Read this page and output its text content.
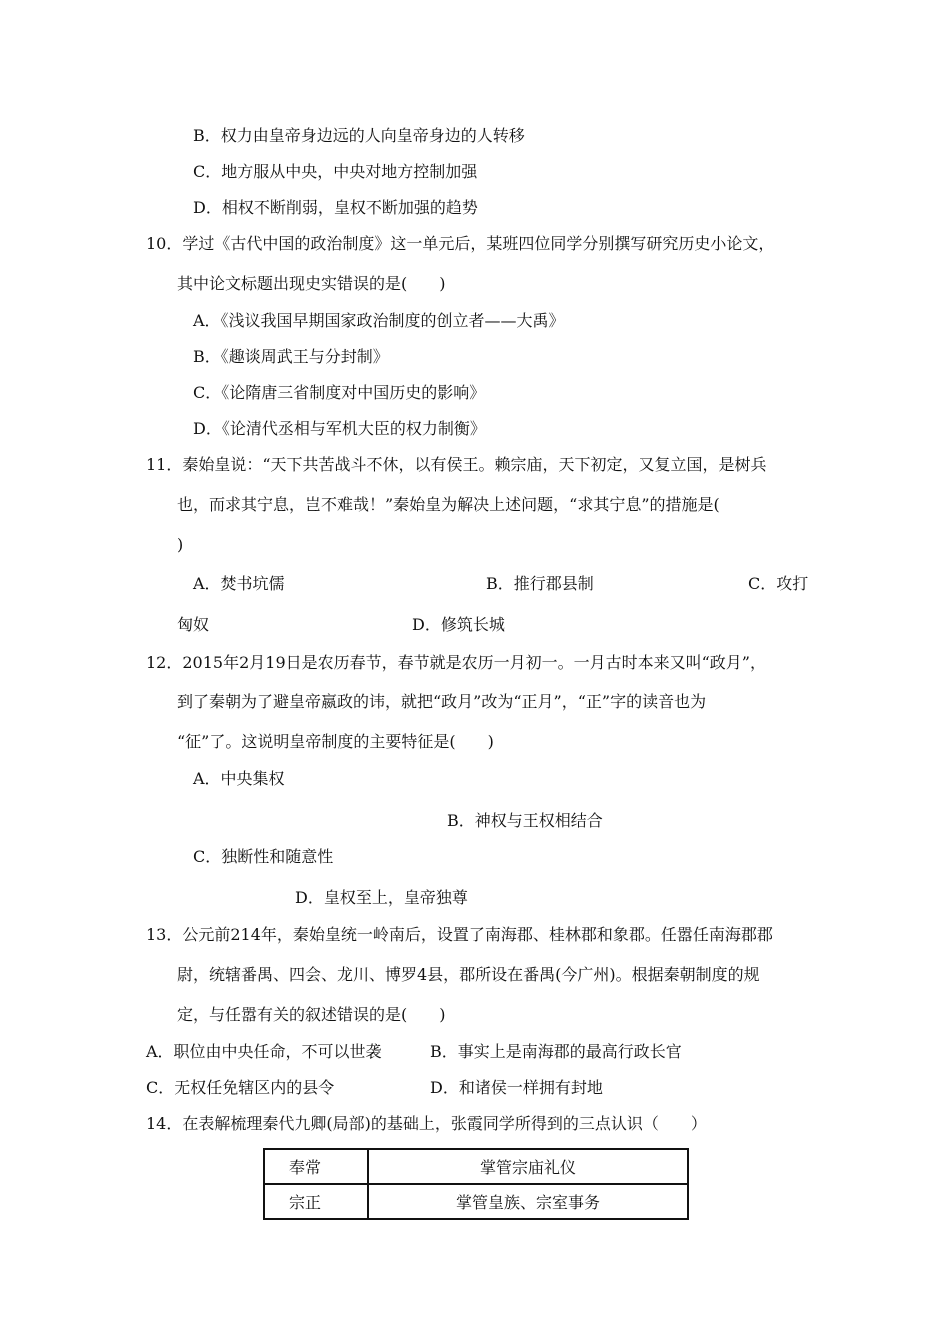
B．权力由皇帝身边远的人向皇帝身边的人转移
C．地方服从中央，中央对地方控制加强
D．相权不断削弱，皇权不断加强的趋势
10．学过《古代中国的政治制度》这一单元后，某班四位同学分别撰写研究历史小论文，
其中论文标题出现史实错误的是(　　)
A．《浅议我国早期国家政治制度的创立者——大禹》
B．《趣谈周武王与分封制》
C．《论隋唐三省制度对中国历史的影响》
D．《论清代丞相与军机大臣的权力制衡》
11．秦始皇说：“天下共苦战斗不休，以有侯王。赖宗庙，天下初定，又复立国，是树兵
也，而求其宁息，岂不难哉！”秦始皇为解决上述问题，“求其宁息”的措施是(
)
A．焚书坑儒	B．推行郡县制	C．攻打
匈奴	D．修筑长城
12．2015年2月19日是农历春节，春节就是农历一月初一。一月古时本来又叫“政月”，
到了秦朝为了避皇帝嬴政的讳，就把“政月”改为“正月”，“正”字的读音也为
“征”了。这说明皇帝制度的主要特征是(　　)
A．中央集权
B．神权与王权相结合
C．独断性和随意性
D．皇权至上，皇帝独尊
13．公元前214年，秦始皇统一岭南后，设置了南海郡、桂林郡和象郡。任嚣任南海郡郡
尉，统辖番禺、四会、龙川、博罗4县，郡所设在番禺(今广州)。根据秦朝制度的规
定，与任嚣有关的叙述错误的是(　　)
A．职位由中央任命，不可以世袭	B．事实上是南海郡的最高行政长官
C．无权任免辖区内的县令	D．和诸侯一样拥有封地
14．在表解梳理秦代九卿(局部)的基础上，张霞同学所得到的三点认识（　　）
奉常	掌管宗庙礼仪
宗正	掌管皇族、宗室事务
